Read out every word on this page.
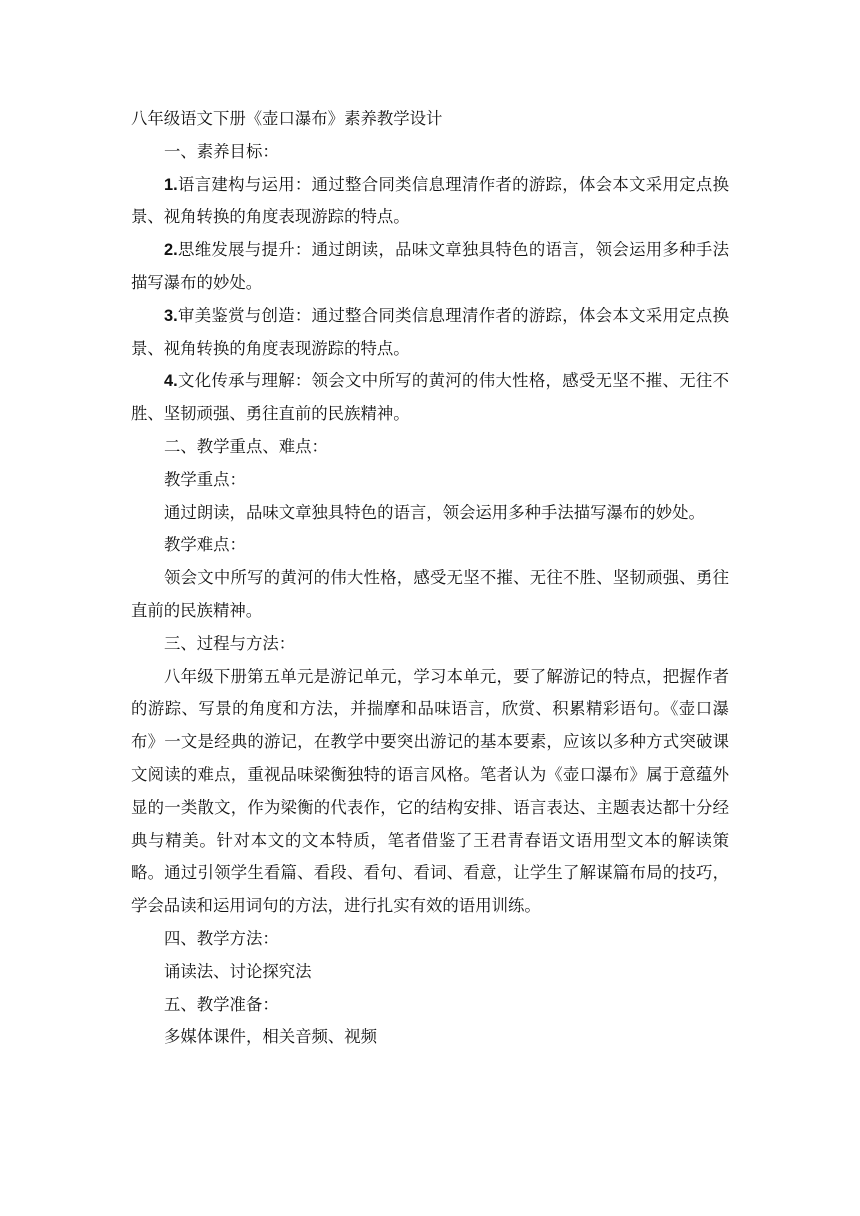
八年级语文下册《壶口瀑布》素养教学设计

一、素养目标：

1.语言建构与运用：通过整合同类信息理清作者的游踪，体会本文采用定点换景、视角转换的角度表现游踪的特点。

2.思维发展与提升：通过朗读，品味文章独具特色的语言，领会运用多种手法描写瀑布的妙处。

3.审美鉴赏与创造：通过整合同类信息理清作者的游踪，体会本文采用定点换景、视角转换的角度表现游踪的特点。

4.文化传承与理解：领会文中所写的黄河的伟大性格，感受无坚不摧、无往不胜、坚韧顽强、勇往直前的民族精神。

二、教学重点、难点：

教学重点：

通过朗读，品味文章独具特色的语言，领会运用多种手法描写瀑布的妙处。

教学难点：

领会文中所写的黄河的伟大性格，感受无坚不摧、无往不胜、坚韧顽强、勇往直前的民族精神。

三、过程与方法：

八年级下册第五单元是游记单元，学习本单元，要了解游记的特点，把握作者的游踪、写景的角度和方法，并揣摩和品味语言，欣赏、积累精彩语句。《壶口瀑布》一文是经典的游记，在教学中要突出游记的基本要素，应该以多种方式突破课文阅读的难点，重视品味梁衡独特的语言风格。笔者认为《壶口瀑布》属于意蕴外显的一类散文，作为梁衡的代表作，它的结构安排、语言表达、主题表达都十分经典与精美。针对本文的文本特质，笔者借鉴了王君青春语文语用型文本的解读策略。通过引领学生看篇、看段、看句、看词、看意，让学生了解谋篇布局的技巧，学会品读和运用词句的方法，进行扎实有效的语用训练。

四、教学方法：

诵读法、讨论探究法

五、教学准备：

多媒体课件，相关音频、视频
